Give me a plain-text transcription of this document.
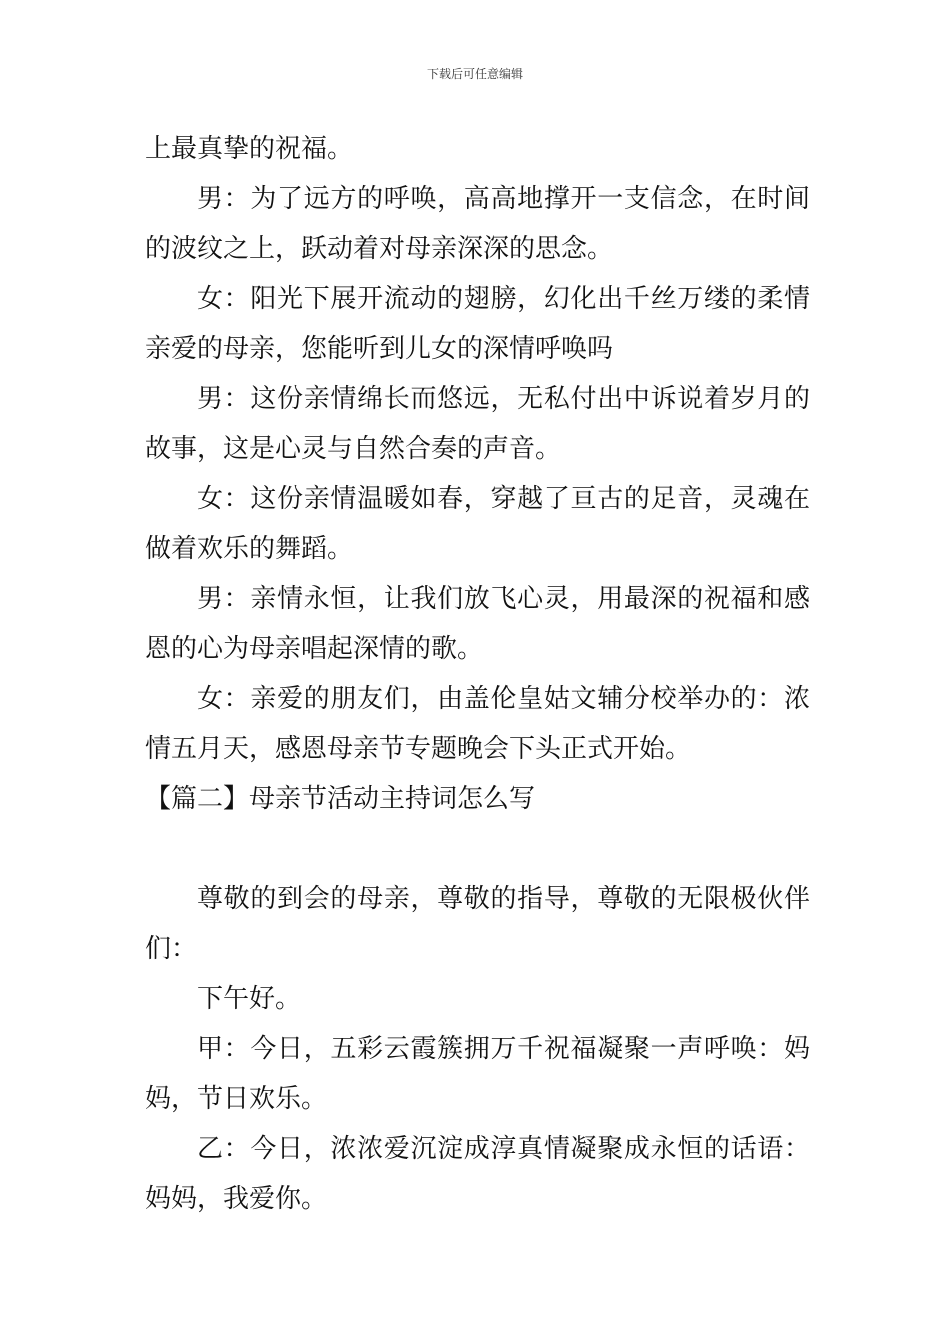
下载后可任意编辑
上最真挚的祝福。
男：为了远方的呼唤，高高地撑开一支信念，在时间
的波纹之上，跃动着对母亲深深的思念。
女：阳光下展开流动的翅膀，幻化出千丝万缕的柔情
亲爱的母亲，您能听到儿女的深情呼唤吗
男：这份亲情绵长而悠远，无私付出中诉说着岁月的
故事，这是心灵与自然合奏的声音。
女：这份亲情温暖如春，穿越了亘古的足音，灵魂在
做着欢乐的舞蹈。
男：亲情永恒，让我们放飞心灵，用最深的祝福和感
恩的心为母亲唱起深情的歌。
女：亲爱的朋友们，由盖伦皇姑文辅分校举办的：浓
情五月天，感恩母亲节专题晚会下头正式开始。
【篇二】母亲节活动主持词怎么写
尊敬的到会的母亲，尊敬的指导，尊敬的无限极伙伴
们：
下午好。
甲：今日，五彩云霞簇拥万千祝福凝聚一声呼唤：妈
妈，节日欢乐。
乙：今日，浓浓爱沉淀成淳真情凝聚成永恒的话语：
妈妈，我爱你。
